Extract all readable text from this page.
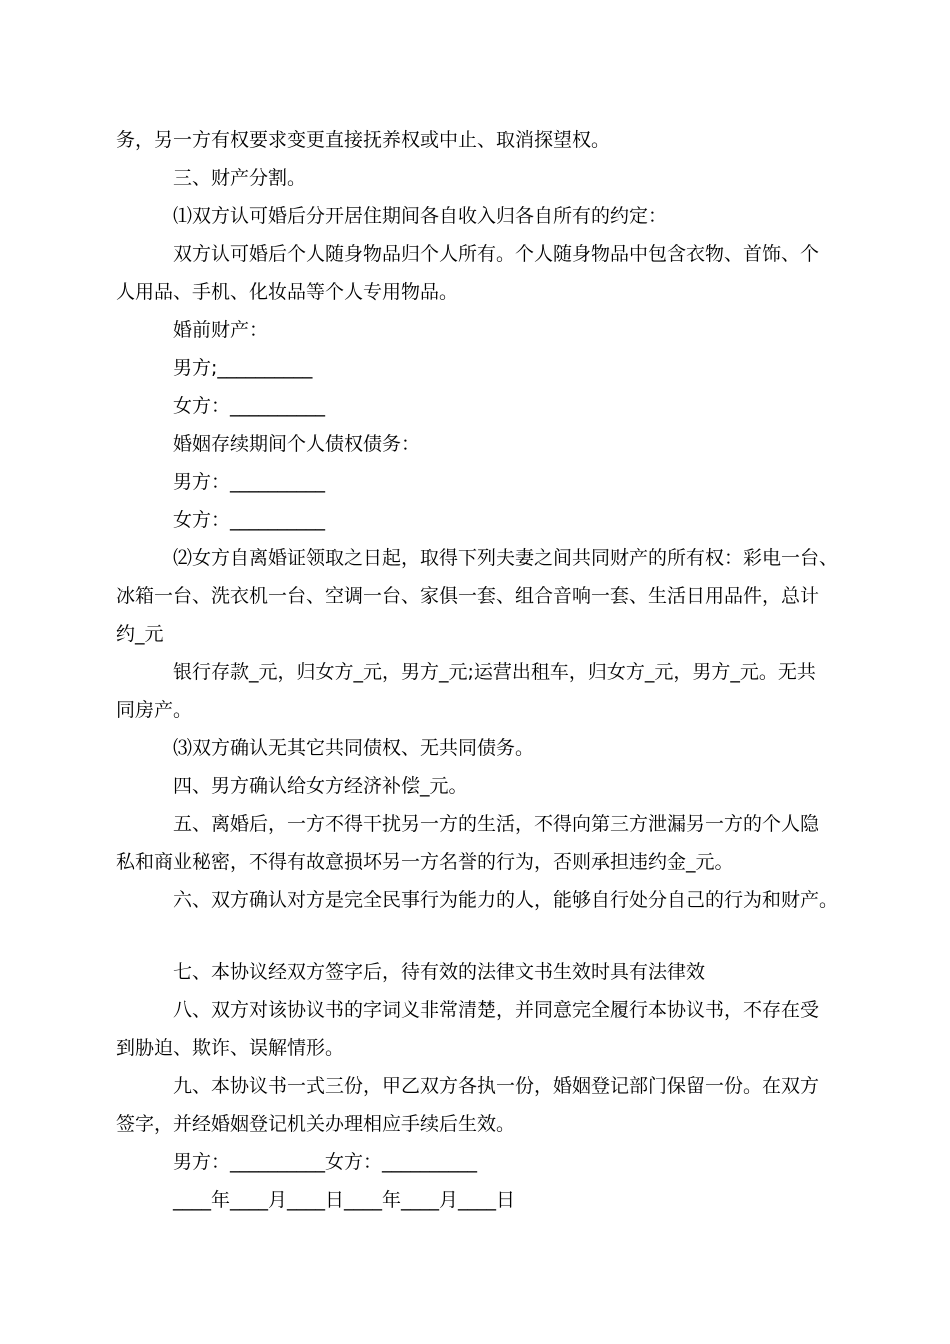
务，另一方有权要求变更直接抚养权或中止、取消探望权。
三、财产分割。
⑴双方认可婚后分开居住期间各自收入归各自所有的约定：
双方认可婚后个人随身物品归个人所有。个人随身物品中包含衣物、首饰、个
人用品、手机、化妆品等个人专用物品。
婚前财产：
男方;__________
女方：__________
婚姻存续期间个人债权债务：
男方：__________
女方：__________
⑵女方自离婚证领取之日起，取得下列夫妻之间共同财产的所有权：彩电一台、
冰箱一台、洗衣机一台、空调一台、家俱一套、组合音响一套、生活日用品件，总计
约_元
银行存款_元，归女方_元，男方_元;运营出租车，归女方_元，男方_元。无共
同房产。
⑶双方确认无其它共同债权、无共同债务。
四、男方确认给女方经济补偿_元。
五、离婚后，一方不得干扰另一方的生活，不得向第三方泄漏另一方的个人隐
私和商业秘密，不得有故意损坏另一方名誉的行为，否则承担违约金_元。
六、双方确认对方是完全民事行为能力的人，能够自行处分自己的行为和财产。
七、本协议经双方签字后，待有效的法律文书生效时具有法律效
八、双方对该协议书的字词义非常清楚，并同意完全履行本协议书，不存在受
到胁迫、欺诈、误解情形。
九、本协议书一式三份，甲乙双方各执一份，婚姻登记部门保留一份。在双方
签字，并经婚姻登记机关办理相应手续后生效。
男方：__________女方：__________
____年____月____日____年____月____日
